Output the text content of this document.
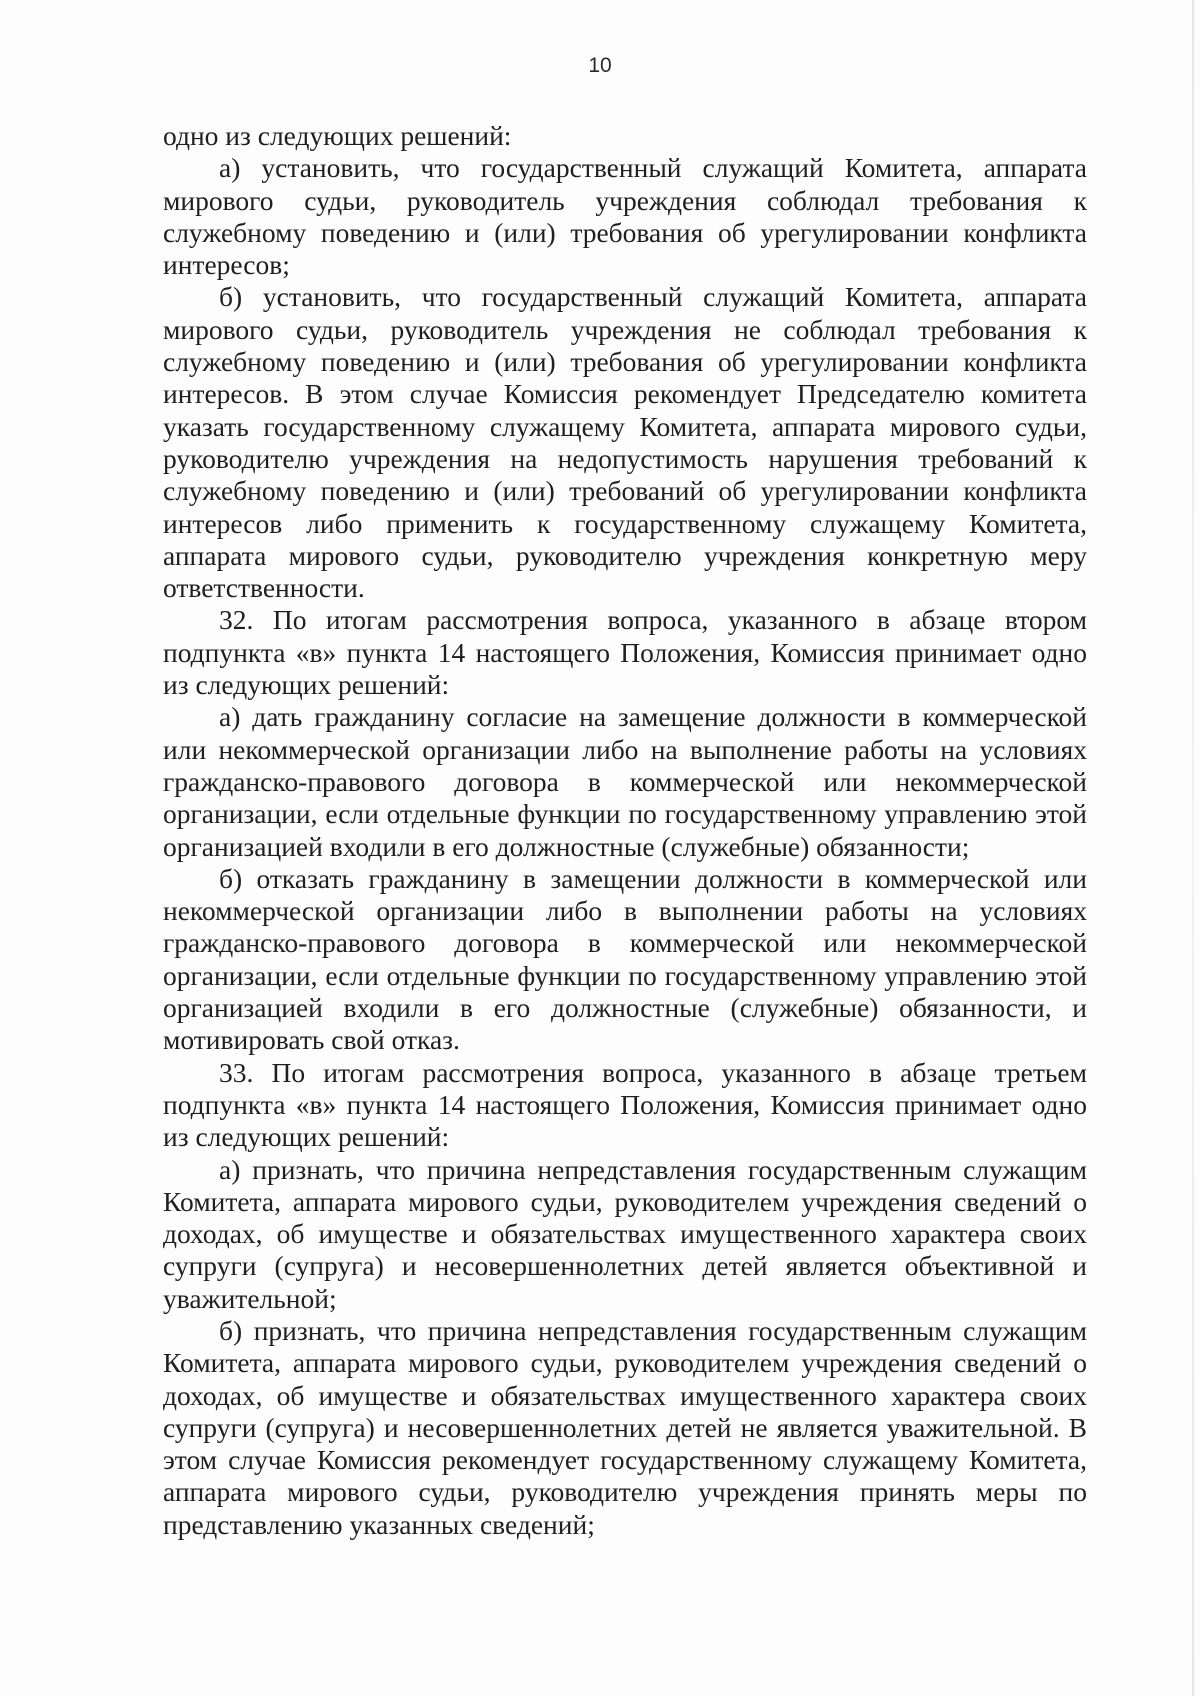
10

одно из следующих решений:

а) установить, что государственный служащий Комитета, аппарата мирового судьи, руководитель учреждения соблюдал требования к служебному поведению и (или) требования об урегулировании конфликта интересов;

б) установить, что государственный служащий Комитета, аппарата мирового судьи, руководитель учреждения не соблюдал требования к служебному поведению и (или) требования об урегулировании конфликта интересов. В этом случае Комиссия рекомендует Председателю комитета указать государственному служащему Комитета, аппарата мирового судьи, руководителю учреждения на недопустимость нарушения требований к служебному поведению и (или) требований об урегулировании конфликта интересов либо применить к государственному служащему Комитета, аппарата мирового судьи, руководителю учреждения конкретную меру ответственности.

32. По итогам рассмотрения вопроса, указанного в абзаце втором подпункта «в» пункта 14 настоящего Положения, Комиссия принимает одно из следующих решений:

а) дать гражданину согласие на замещение должности в коммерческой или некоммерческой организации либо на выполнение работы на условиях гражданско-правового договора в коммерческой или некоммерческой организации, если отдельные функции по государственному управлению этой организацией входили в его должностные (служебные) обязанности;

б) отказать гражданину в замещении должности в коммерческой или некоммерческой организации либо в выполнении работы на условиях гражданско-правового договора в коммерческой или некоммерческой организации, если отдельные функции по государственному управлению этой организацией входили в его должностные (служебные) обязанности, и мотивировать свой отказ.

33. По итогам рассмотрения вопроса, указанного в абзаце третьем подпункта «в» пункта 14 настоящего Положения, Комиссия принимает одно из следующих решений:

а) признать, что причина непредставления государственным служащим Комитета, аппарата мирового судьи, руководителем учреждения сведений о доходах, об имуществе и обязательствах имущественного характера своих супруги (супруга) и несовершеннолетних детей является объективной и уважительной;

б) признать, что причина непредставления государственным служащим Комитета, аппарата мирового судьи, руководителем учреждения сведений о доходах, об имуществе и обязательствах имущественного характера своих супруги (супруга) и несовершеннолетних детей не является уважительной. В этом случае Комиссия рекомендует государственному служащему Комитета, аппарата мирового судьи, руководителю учреждения принять меры по представлению указанных сведений;
